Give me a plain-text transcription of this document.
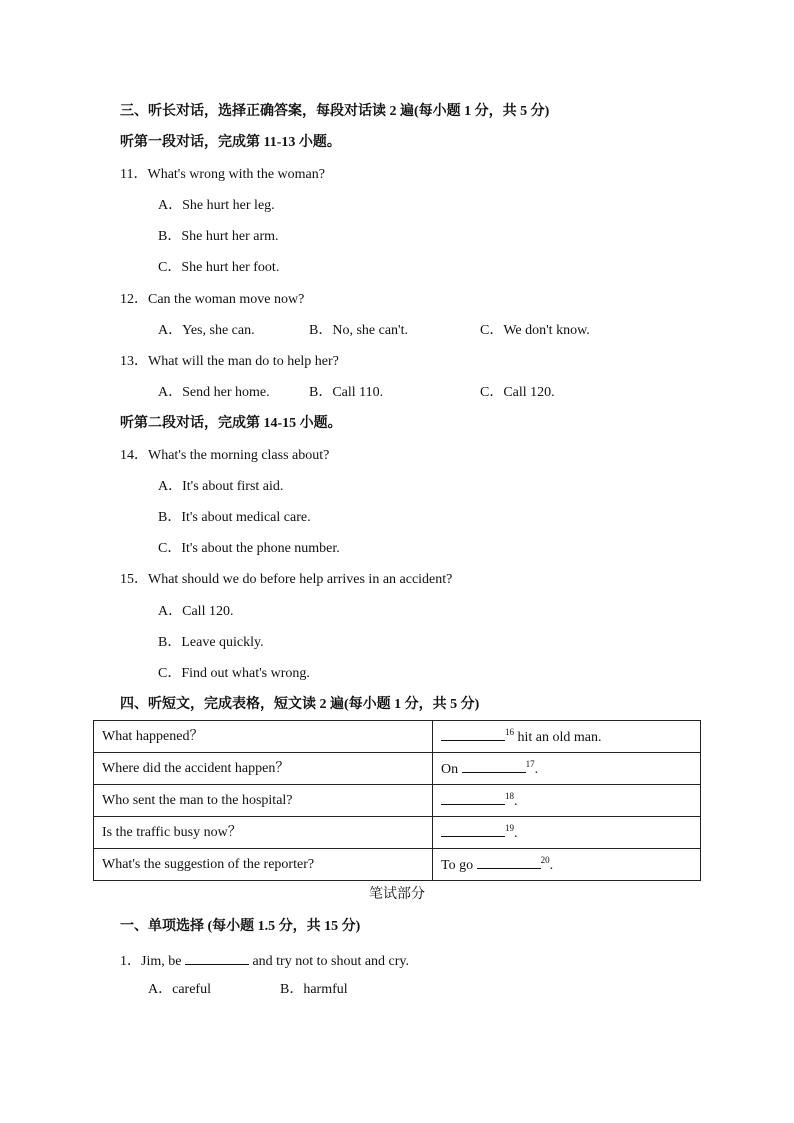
三、听长对话，选择正确答案，每段对话读 2 遍(每小题 1 分，共 5 分)
听第一段对话，完成第 11-13 小题。
11．What's wrong with the woman?
A．She hurt her leg.
B．She hurt her arm.
C．She hurt her foot.
12．Can the woman move now?
A．Yes, she can.	B．No, she can't.	C．We don't know.
13．What will the man do to help her?
A．Send her home.	B．Call 110.	C．Call 120.
听第二段对话，完成第 14-15 小题。
14．What's the morning class about?
A．It's about first aid.
B．It's about medical care.
C．It's about the phone number.
15．What should we do before help arrives in an accident?
A．Call 120.
B．Leave quickly.
C．Find out what's wrong.
四、听短文，完成表格，短文读 2 遍(每小题 1 分，共 5 分)
What happened？	$^{16}$ hit an old man.
Where did the accident happen？	On $^{17}$.
Who sent the man to the hospital?	$^{18}$.
Is the traffic busy now？	$^{19}$.
What's the suggestion of the reporter?	To go $^{20}$.
笔试部分
一、单项选择 (每小题 1.5 分，共 15 分)
1．Jim, be	and try not to shout and cry.
A．careful	B．harmful
